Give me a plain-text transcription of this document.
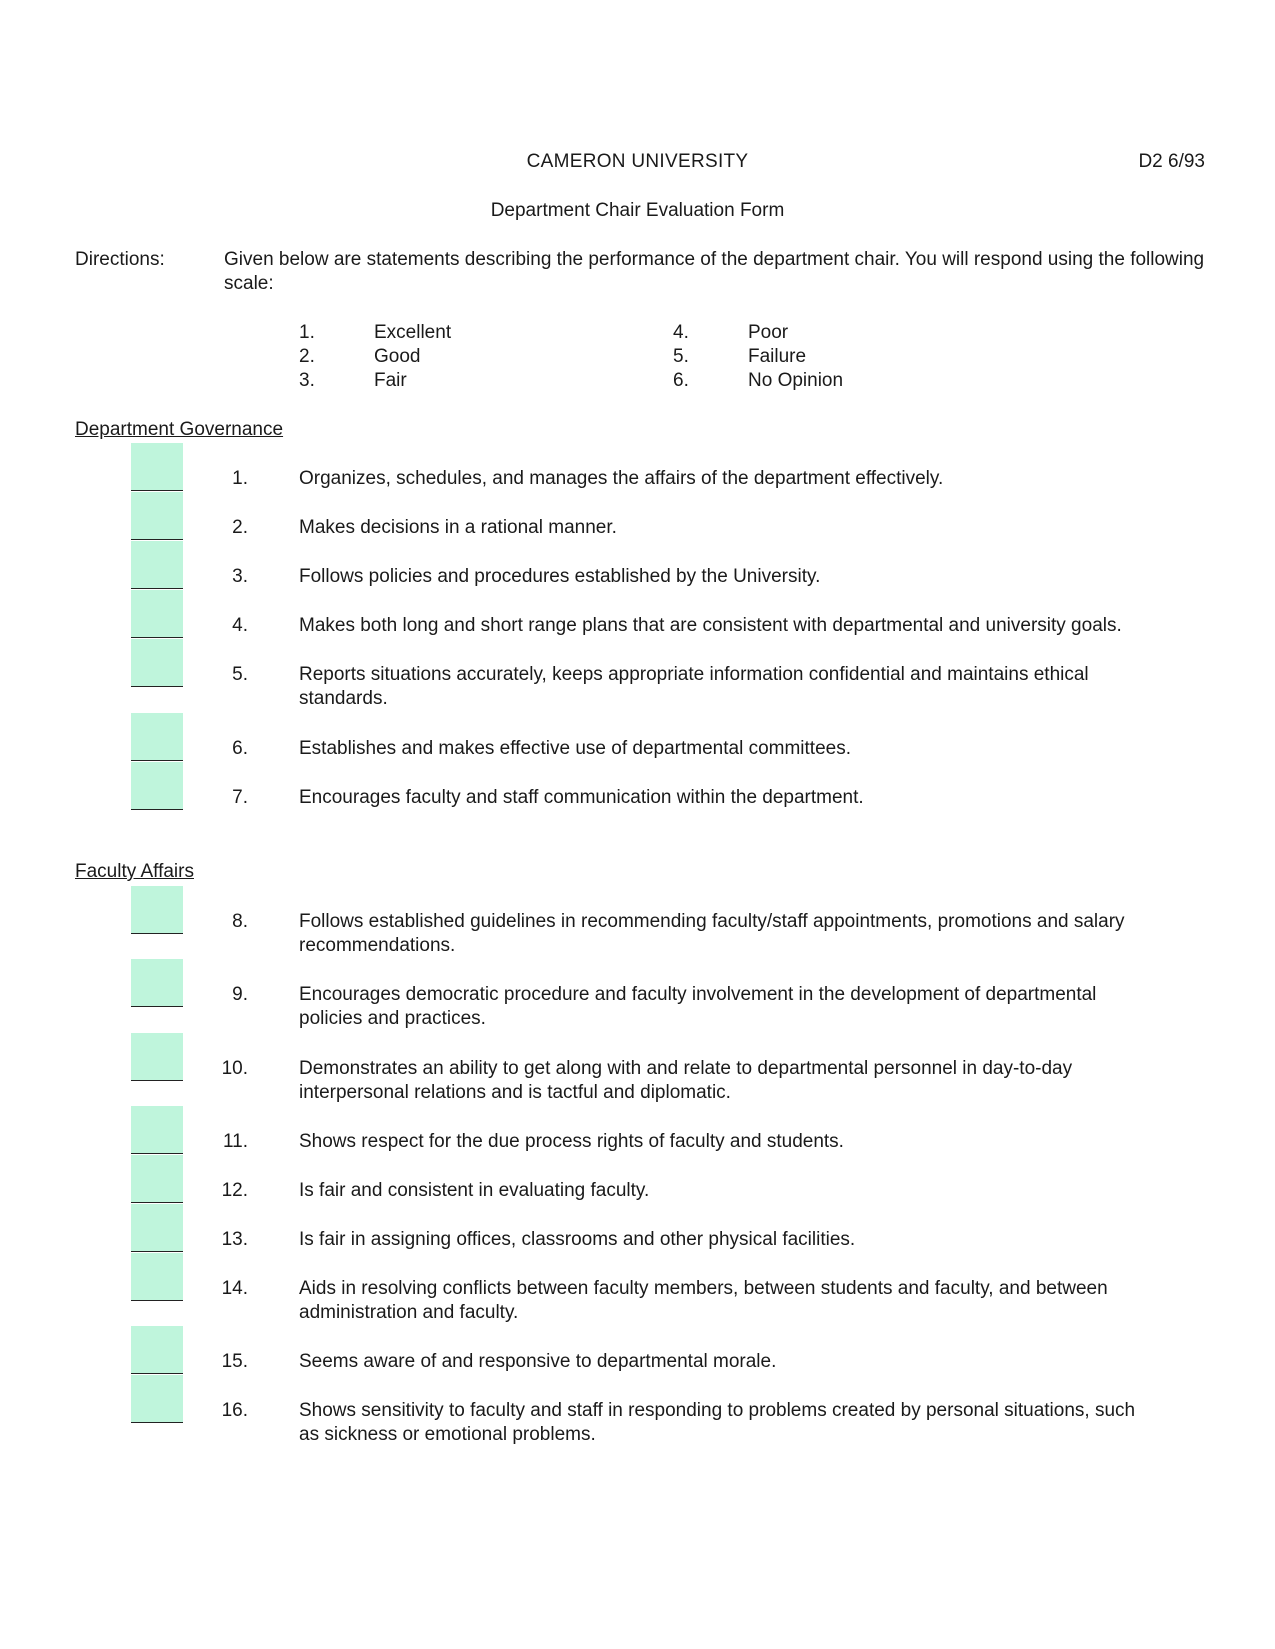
CAMERON UNIVERSITY	D2 6/93
Department Chair Evaluation Form
Directions:	Given below are statements describing the performance of the department chair. You will respond using the following scale:
1.	Excellent
2.	Good
3.	Fair
4.	Poor
5.	Failure
6.	No Opinion
Department Governance
1.	Organizes, schedules, and manages the affairs of the department effectively.
2.	Makes decisions in a rational manner.
3.	Follows policies and procedures established by the University.
4.	Makes both long and short range plans that are consistent with departmental and university goals.
5.	Reports situations accurately, keeps appropriate information confidential and maintains ethical standards.
6.	Establishes and makes effective use of departmental committees.
7.	Encourages faculty and staff communication within the department.
Faculty Affairs
8.	Follows established guidelines in recommending faculty/staff appointments, promotions and salary recommendations.
9.	Encourages democratic procedure and faculty involvement in the development of departmental policies and practices.
10.	Demonstrates an ability to get along with and relate to departmental personnel in day-to-day interpersonal relations and is tactful and diplomatic.
11.	Shows respect for the due process rights of faculty and students.
12.	Is fair and consistent in evaluating faculty.
13.	Is fair in assigning offices, classrooms and other physical facilities.
14.	Aids in resolving conflicts between faculty members, between students and faculty, and between administration and faculty.
15.	Seems aware of and responsive to departmental morale.
16.	Shows sensitivity to faculty and staff in responding to problems created by personal situations, such as sickness or emotional problems.
